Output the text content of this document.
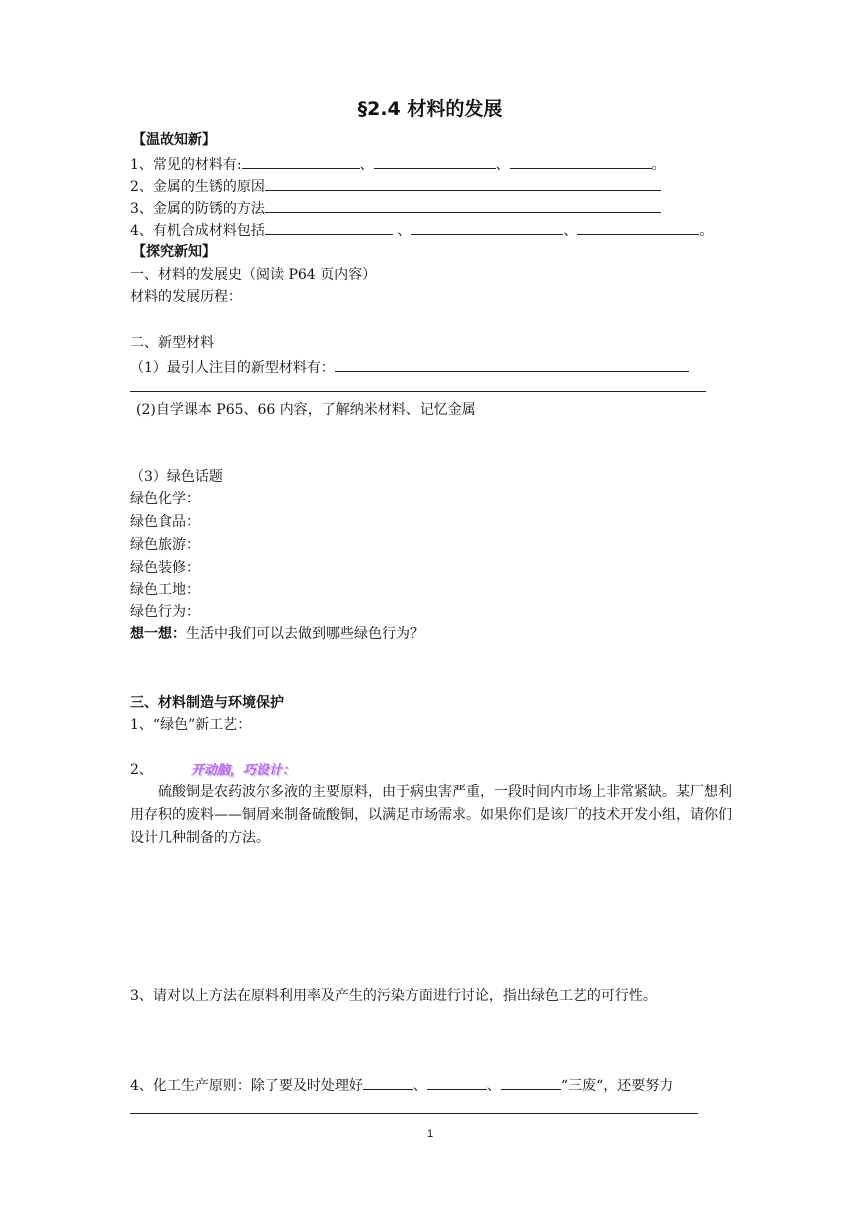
§2.4 材料的发展
【温故知新】
1、常见的材料有:	、	、	。
2、金属的生锈的原因
3、金属的防锈的方法
4、有机合成材料包括	、	、	。
【探究新知】
一、材料的发展史（阅读 P64 页内容）
材料的发展历程：
二、新型材料
（1）最引人注目的新型材料有：
(2)自学课本 P65、66 内容，了解纳米材料、记忆金属
（3）绿色话题
绿色化学：
绿色食品：
绿色旅游：
绿色装修：
绿色工地：
绿色行为：
想一想：生活中我们可以去做到哪些绿色行为？
三、材料制造与环境保护
1、“绿色”新工艺：
2、	开动脑，巧设计：
硫酸铜是农药波尔多液的主要原料，由于病虫害严重，一段时间内市场上非常紧缺。某厂想利用存积的废料——铜屑来制备硫酸铜，以满足市场需求。如果你们是该厂的技术开发小组，请你们设计几种制备的方法。
3、请对以上方法在原料利用率及产生的污染方面进行讨论，指出绿色工艺的可行性。
4、化工生产原则：除了要及时处理好	、	、	“三废“，还要努力
1
